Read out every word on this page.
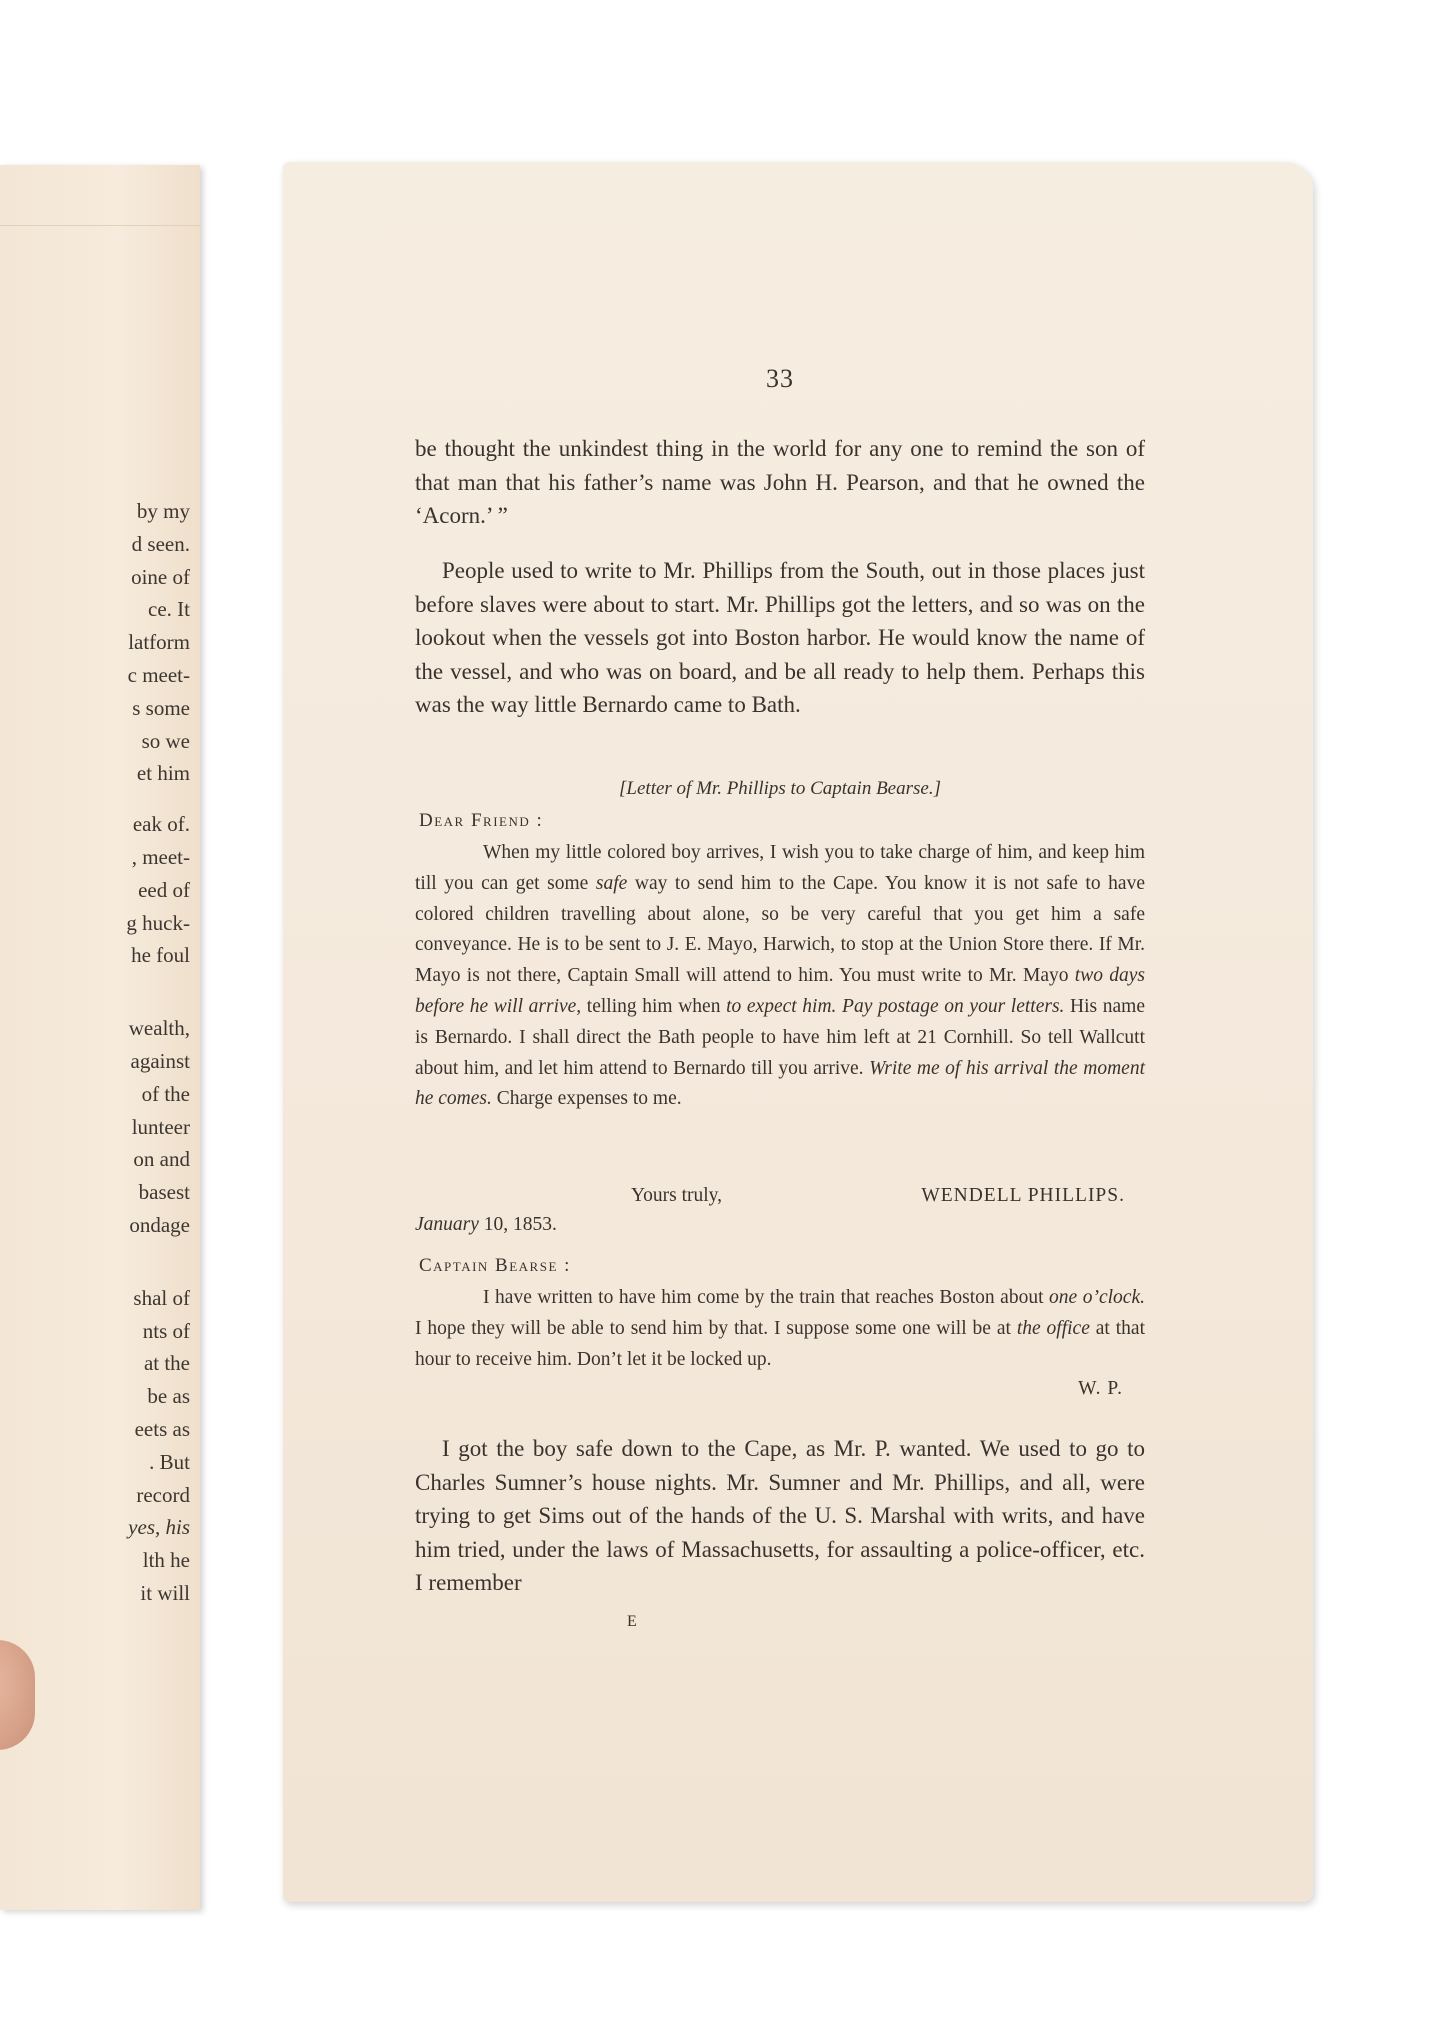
by my
d seen.
oine of
ce. It
latform
c meet-
s some
so we
et him
eak of.
, meet-
eed of
g huck-
he foul
wealth,
against
of the
lunteer
on and
basest
ondage
shal of
nts of
at the
be as
eets as
. But
record
yes, his
lth he
it will
33

be thought the unkindest thing in the world for any one to remind the son of that man that his father’s name was John H. Pearson, and that he owned the ‘Acorn.’ ”

People used to write to Mr. Phillips from the South, out in those places just before slaves were about to start. Mr. Phillips got the letters, and so was on the lookout when the vessels got into Boston harbor. He would know the name of the vessel, and who was on board, and be all ready to help them. Perhaps this was the way little Bernardo came to Bath.

[Letter of Mr. Phillips to Captain Bearse.]
Dear Friend :

When my little colored boy arrives, I wish you to take charge of him, and keep him till you can get some safe way to send him to the Cape. You know it is not safe to have colored children travelling about alone, so be very careful that you get him a safe conveyance. He is to be sent to J. E. Mayo, Harwich, to stop at the Union Store there. If Mr. Mayo is not there, Captain Small will attend to him. You must write to Mr. Mayo two days before he will arrive, telling him when to expect him. Pay postage on your letters. His name is Bernardo. I shall direct the Bath people to have him left at 21 Cornhill. So tell Wallcutt about him, and let him attend to Bernardo till you arrive. Write me of his arrival the moment he comes. Charge expenses to me.

Yours truly,	WENDELL PHILLIPS.
January 10, 1853.
Captain Bearse :

I have written to have him come by the train that reaches Boston about one o’clock. I hope they will be able to send him by that. I suppose some one will be at the office at that hour to receive him. Don’t let it be locked up.

W. P.

I got the boy safe down to the Cape, as Mr. P. wanted. We used to go to Charles Sumner’s house nights. Mr. Sumner and Mr. Phillips, and all, were trying to get Sims out of the hands of the U. S. Marshal with writs, and have him tried, under the laws of Massachusetts, for assaulting a police-officer, etc. I remember

E
